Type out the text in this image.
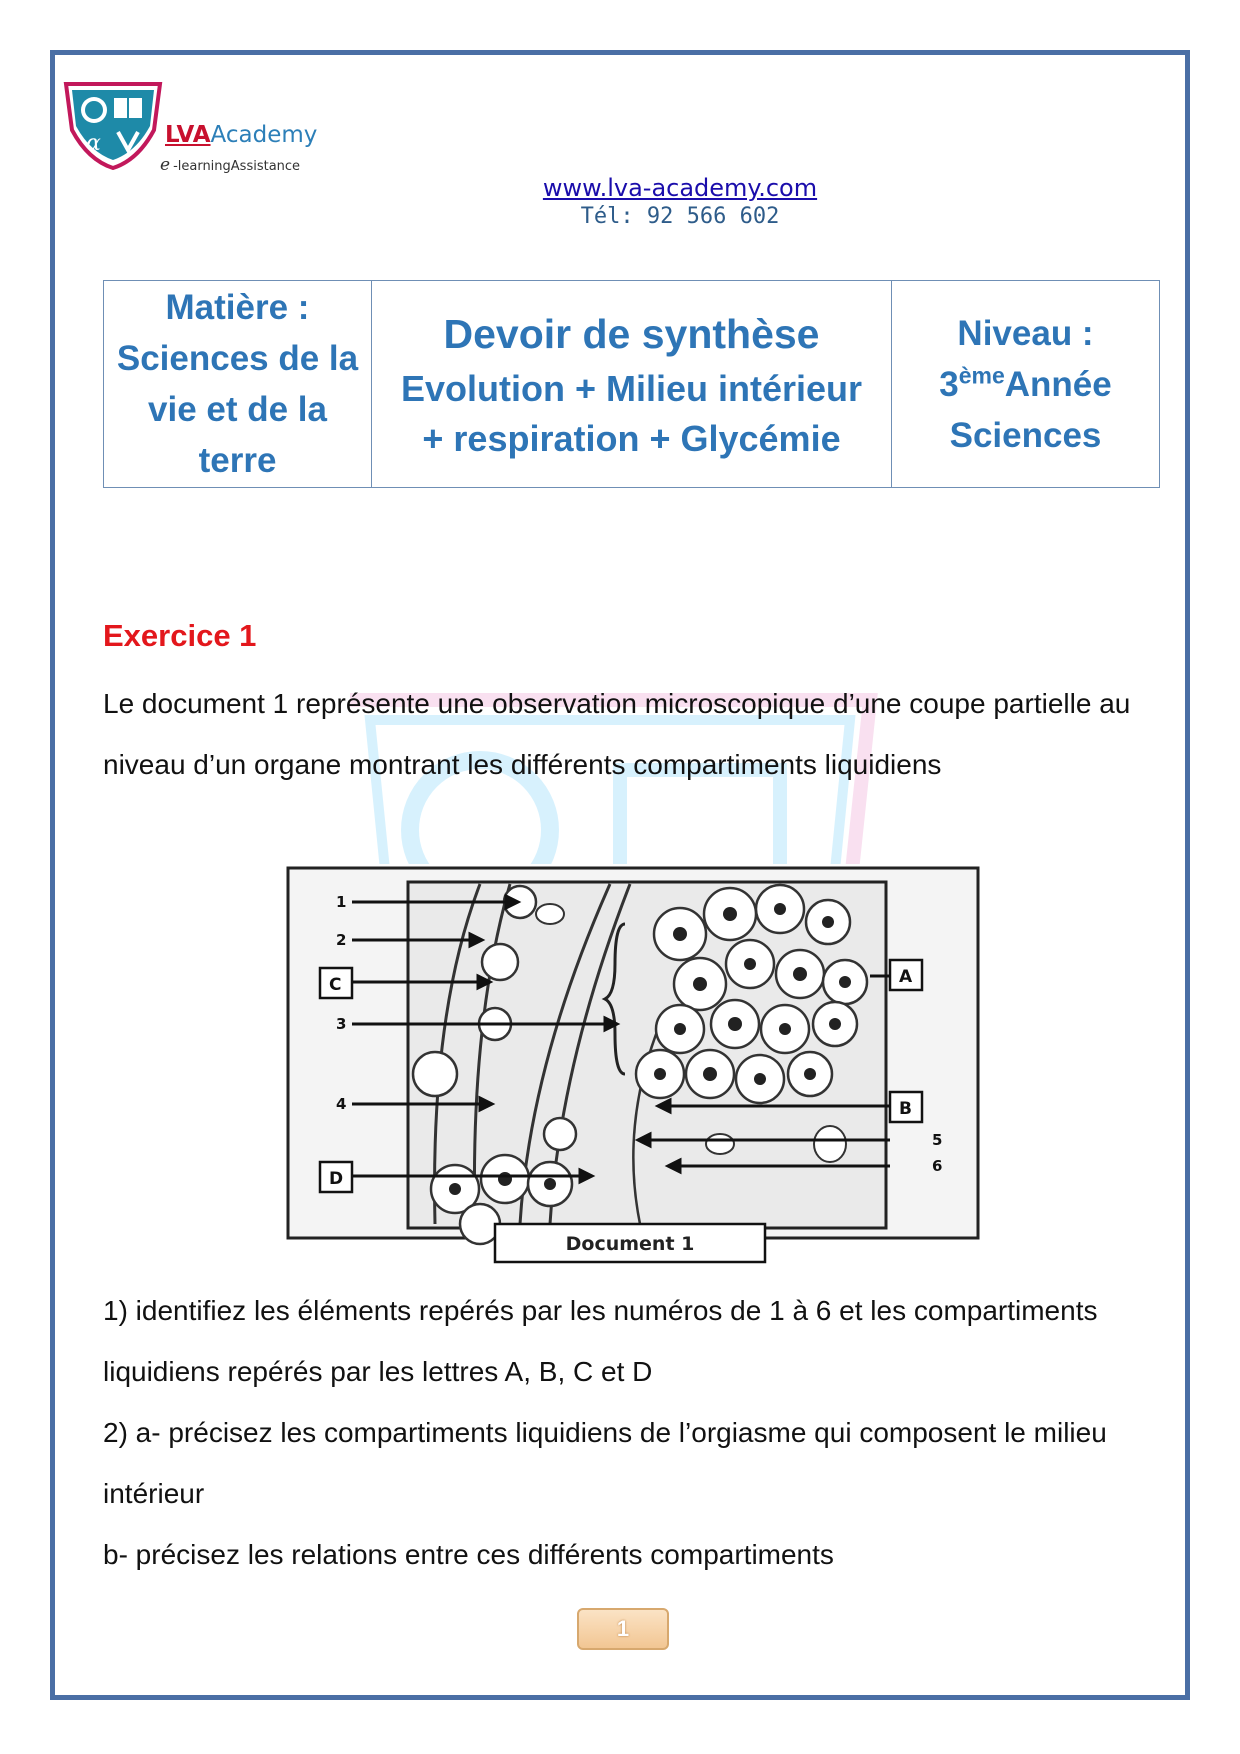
α	LVAAcademy
e -learningAssistance
www.lva-academy.com
Tél: 92 566 602
Matière :
Sciences de la vie et de la terre

Devoir de synthèse
Evolution + Milieu intérieur
+ respiration + Glycémie

Niveau :
3èmeAnnée
Sciences
Exercice 1
Le document 1 représente une observation microscopique d’une coupe partielle au niveau d’un organe montrant les différents compartiments liquidiens
1
2
3
4
5
6
C
D
A
B
Document 1
1) identifiez les éléments repérés par les numéros de 1 à 6 et les compartiments liquidiens repérés par les lettres A, B, C et D
2) a- précisez les compartiments liquidiens de l’orgiasme qui composent le milieu intérieur
b- précisez les relations entre ces différents compartiments
1
